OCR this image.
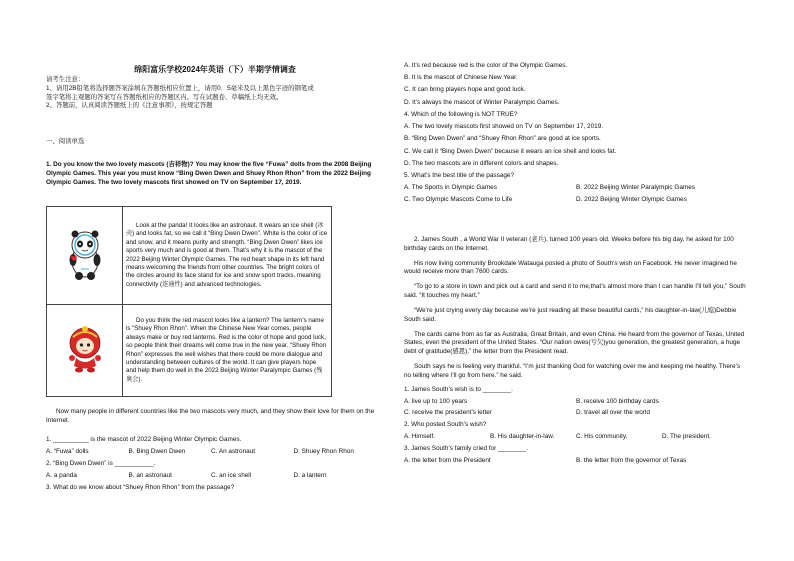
绵阳富乐学校2024年英语（下）半期学情调查

请考生注意：

1、请用2B铅笔将选择题答案涂填在答题纸相应位置上，请用0．5毫米及以上黑色字迹的钢笔或

签字笔将主观题的答案写在答题纸相应的答题区内。写在试题卷、草稿纸上均无效。

2、答题前，认真阅读答题纸上的《注意事项》，按规定答题

一、阅读单选

1. Do you know the two lovely mascots (吉祥物)? You may know the five “Fuwa” dolls from the 2008 Beijing Olympic Games. This year you must know “Bing Dwen Dwen and Shuey Rhon Rhon” from the 2022 Beijing Olympic Games. The two lovely mascots first showed on TV on September 17, 2019.

Look at the panda! It looks like an astronaut. It wears an ice shell (冰壳) and looks fat, so we call it “Bing Dwen Dwen”. White is the color of ice and snow, and it means purity and strength. “Bing Dwen Dwen” likes ice sports very much and is good at them. That’s why it is the mascot of the 2022 Beijing Winter Olympic Games. The red heart shape in its left hand means welcoming the friends from other countries. The bright colors of the circles around its face stand for ice and snow sport tracks, meaning connectivity (连通性) and advanced technologies.

Do you think the red mascot looks like a lantern? The lantern’s name is “Shuey Rhon Rhon”. When the Chinese New Year comes, people always make or buy red lanterns. Red is the color of hope and good luck, so people think their dreams will come true in the new year. “Shuey Rhon Rhon” expresses the well wishes that there could be more dialogue and understanding between cultures of the world. It can give players hope and help them do well in the 2022 Beijing Winter Paralympic Games (残奥会).

Now many people in different countries like the two mascots very much, and they show their love for them on the Internet.

1. __________ is the mascot of 2022 Beijing Winter Olympic Games.

A. “Fuwa” dolls	B. Bing Dwen Dwen	C. An astronaut	D. Shuey Rhon Rhon

2. “Bing Dwen Dwen” is ___________.

A. a panda	B. an astronaut	C. an ice shell	D. a lantern

3. What do we know about “Shuey Rhon Rhon” from the passage?

A. It’s red because red is the color of the Olympic Games.

B. It is the mascot of Chinese New Year.

C. It can bring players hope and good luck.

D. It’s always the mascot of Winter Paralympic Games.

4. Which of the following is NOT TRUE?

A. The two lovely mascots first showed on TV on September 17, 2019.

B. “Bing Dwen Dwen” and “Shuey Rhon Rhon” are good at ice sports.

C. We call it “Bing Dwen Dwen” because it wears an ice shell and looks fat.

D. The two mascots are in different colors and shapes.

5. What’s the best title of the passage?

A. The Sports in Olympic Games	B. 2022 Beijing Winter Paralympic Games
C. Two Olympic Mascots Come to Life	D. 2022 Beijing Winter Olympic Games

2. James South , a World War II veteran (老兵), turned 100 years old. Weeks before his big day, he asked for 100 birthday cards on the Internet.

His now living community Brookdale Watauga posted a photo of South’s wish on Facebook. He never imagined he would receive more than 7600 cards.

“To go to a store in town and pick out a card and send it to me,that’s almost more than I can handle I’ll tell you,” South said. “It touches my heart.”

“We’re just crying every day because we’re just reading all these beautiful cards,” his daughter-in-law(儿媳)Debbie South said.

The cards came from as far as Australia, Great Britain, and even China. He heard from the governor of Texas, United States, even the president of the United States. “Our nation owes(亏欠)you generation, the greatest generation, a huge debt of gratitude(感恩),” the letter from the President read.

South says he is feeling very thankful. “I’m just thanking God for watching over me and keeping me healthy. There’s no telling where I’ll go from here.” he said.

1. James South’s wish is to ________.

A. live up to 100 years	B. receive 100 birthday cards
C. receive the president’s letter	D. travel all over the world

2. Who posted South’s wish?

A. Himself.	B. His daughter-in-law.	C. His community.	D. The president.

3. James South’s family cried for ________.

A. the letter from the President	B. the letter from the governor of Texas
